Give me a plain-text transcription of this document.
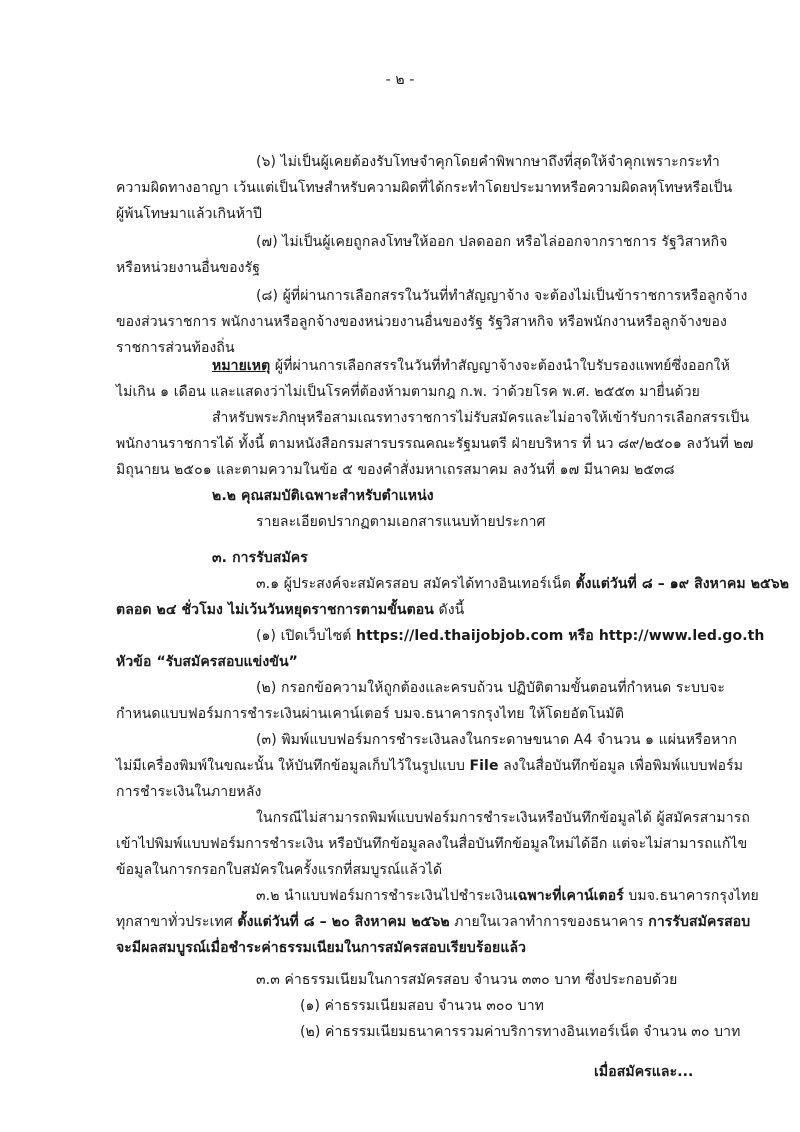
- ๒ -
(๖) ไม่เป็นผู้เคยต้องรับโทษจำคุกโดยคำพิพากษาถึงที่สุดให้จำคุกเพราะกระทำ
ความผิดทางอาญา เว้นแต่เป็นโทษสำหรับความผิดที่ได้กระทำโดยประมาทหรือความผิดลหุโทษหรือเป็น
ผู้พ้นโทษมาแล้วเกินห้าปี
(๗) ไม่เป็นผู้เคยถูกลงโทษให้ออก ปลดออก หรือไล่ออกจากราชการ รัฐวิสาหกิจ
หรือหน่วยงานอื่นของรัฐ
(๘) ผู้ที่ผ่านการเลือกสรรในวันที่ทำสัญญาจ้าง จะต้องไม่เป็นข้าราชการหรือลูกจ้าง
ของส่วนราชการ พนักงานหรือลูกจ้างของหน่วยงานอื่นของรัฐ รัฐวิสาหกิจ หรือพนักงานหรือลูกจ้างของ
ราชการส่วนท้องถิ่น
หมายเหตุ ผู้ที่ผ่านการเลือกสรรในวันที่ทำสัญญาจ้างจะต้องนำใบรับรองแพทย์ซึ่งออกให้
ไม่เกิน ๑ เดือน และแสดงว่าไม่เป็นโรคที่ต้องห้ามตามกฎ ก.พ. ว่าด้วยโรค พ.ศ. ๒๕๕๓ มายื่นด้วย
สำหรับพระภิกษุหรือสามเณรทางราชการไม่รับสมัครและไม่อาจให้เข้ารับการเลือกสรรเป็น
พนักงานราชการได้ ทั้งนี้ ตามหนังสือกรมสารบรรณคณะรัฐมนตรี ฝ่ายบริหาร ที่ นว ๘๙/๒๕๐๑ ลงวันที่ ๒๗
มิถุนายน ๒๕๐๑ และตามความในข้อ ๕ ของคำสั่งมหาเถรสมาคม ลงวันที่ ๑๗ มีนาคม ๒๕๓๘
๒.๒ คุณสมบัติเฉพาะสำหรับตำแหน่ง
รายละเอียดปรากฏตามเอกสารแนบท้ายประกาศ
๓. การรับสมัคร
๓.๑ ผู้ประสงค์จะสมัครสอบ สมัครได้ทางอินเทอร์เน็ต ตั้งแต่วันที่ ๘ – ๑๙ สิงหาคม ๒๕๖๒
ตลอด ๒๔ ชั่วโมง ไม่เว้นวันหยุดราชการตามขั้นตอน ดังนี้
(๑) เปิดเว็บไซต์ https://led.thaijobjob.com หรือ http://www.led.go.th
หัวข้อ “รับสมัครสอบแข่งขัน”
(๒) กรอกข้อความให้ถูกต้องและครบถ้วน ปฏิบัติตามขั้นตอนที่กำหนด ระบบจะ
กำหนดแบบฟอร์มการชำระเงินผ่านเคาน์เตอร์ บมจ.ธนาคารกรุงไทย ให้โดยอัตโนมัติ
(๓) พิมพ์แบบฟอร์มการชำระเงินลงในกระดาษขนาด A4 จำนวน ๑ แผ่นหรือหาก
ไม่มีเครื่องพิมพ์ในขณะนั้น ให้บันทึกข้อมูลเก็บไว้ในรูปแบบ File ลงในสื่อบันทึกข้อมูล เพื่อพิมพ์แบบฟอร์ม
การชำระเงินในภายหลัง
ในกรณีไม่สามารถพิมพ์แบบฟอร์มการชำระเงินหรือบันทึกข้อมูลได้ ผู้สมัครสามารถ
เข้าไปพิมพ์แบบฟอร์มการชำระเงิน หรือบันทึกข้อมูลลงในสื่อบันทึกข้อมูลใหม่ได้อีก แต่จะไม่สามารถแก้ไข
ข้อมูลในการกรอกใบสมัครในครั้งแรกที่สมบูรณ์แล้วได้
๓.๒ นำแบบฟอร์มการชำระเงินไปชำระเงินเฉพาะที่เคาน์เตอร์ บมจ.ธนาคารกรุงไทย
ทุกสาขาทั่วประเทศ ตั้งแต่วันที่ ๘ – ๒๐ สิงหาคม ๒๕๖๒ ภายในเวลาทำการของธนาคาร การรับสมัครสอบ
จะมีผลสมบูรณ์เมื่อชำระค่าธรรมเนียมในการสมัครสอบเรียบร้อยแล้ว
๓.๓ ค่าธรรมเนียมในการสมัครสอบ จำนวน ๓๓๐ บาท ซึ่งประกอบด้วย
(๑) ค่าธรรมเนียมสอบ จำนวน ๓๐๐ บาท
(๒) ค่าธรรมเนียมธนาคารรวมค่าบริการทางอินเทอร์เน็ต จำนวน ๓๐ บาท
เมื่อสมัครและ...
